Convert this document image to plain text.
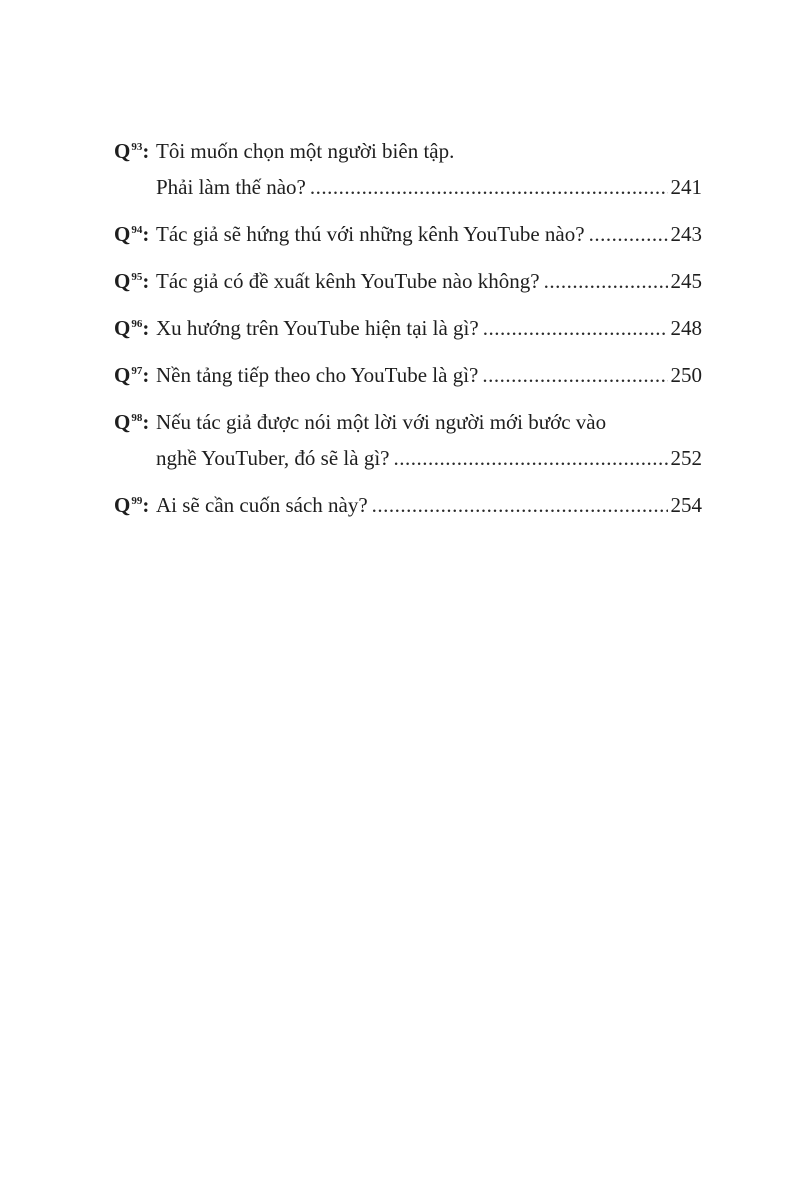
$Q^{93}$: Tôi muốn chọn một người biên tập.
Phải làm thế nào? .....	241
$Q^{94}$: Tác giả sẽ hứng thú với những kênh YouTube nào? .....	243
$Q^{95}$: Tác giả có đề xuất kênh YouTube nào không? .....	245
$Q^{96}$: Xu hướng trên YouTube hiện tại là gì? .....	248
$Q^{97}$: Nền tảng tiếp theo cho YouTube là gì? .....	250
$Q^{98}$: Nếu tác giả được nói một lời với người mới bước vào
nghề YouTuber, đó sẽ là gì? .....	252
$Q^{99}$: Ai sẽ cần cuốn sách này? .....	254
